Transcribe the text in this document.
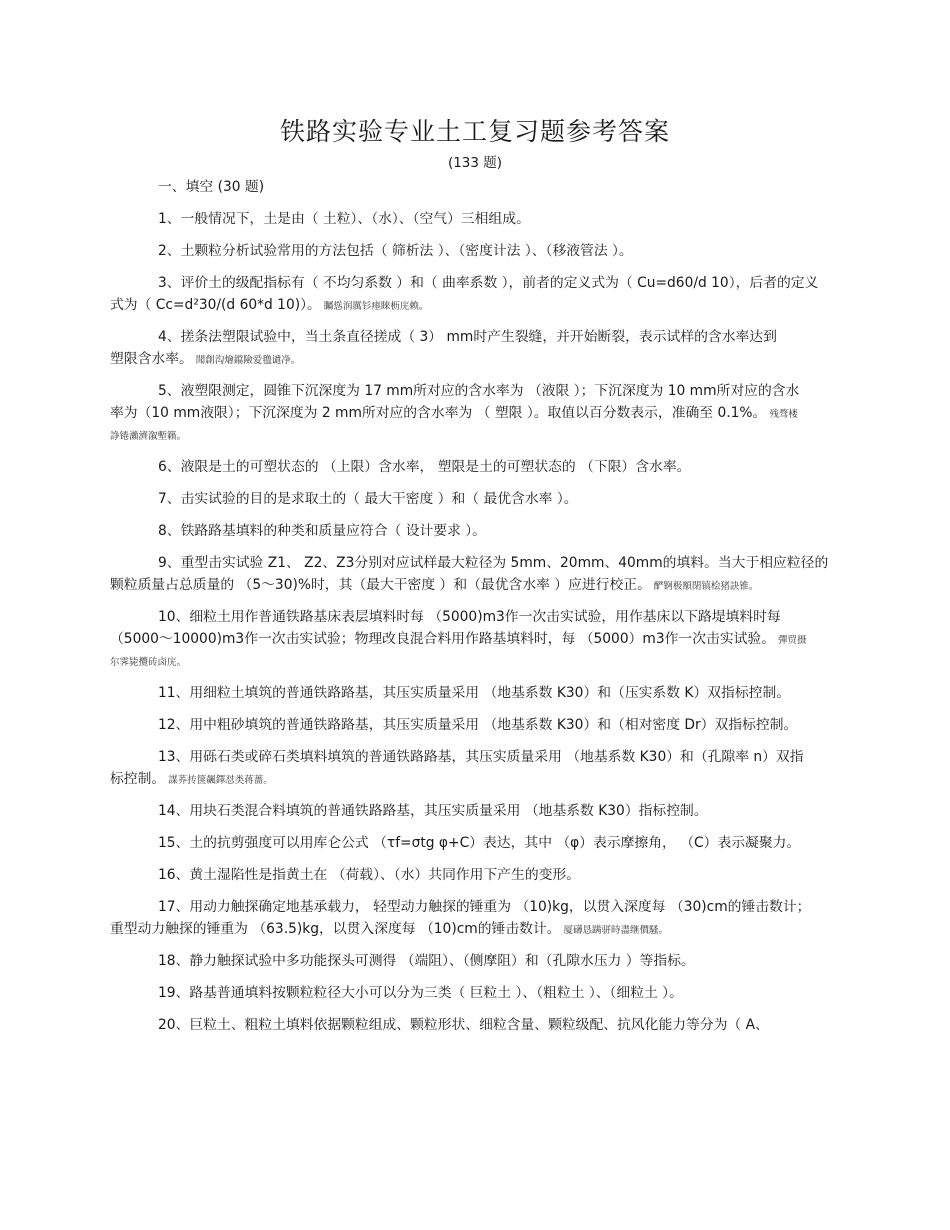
铁路实验专业土工复习题参考答案
(133 题)
一、填空 (30 题)
1、一般情况下，土是由（ 土粒）、（水）、（空气）三相组成。
2、土颗粒分析试验常用的方法包括（ 筛析法 ）、（密度计法 ）、（移液管法 ）。
3、评价土的级配指标有（ 不均匀系数 ）和（ 曲率系数 ），前者的定义式为（ Cu=d60/d 10），后者的定义
式为（ Cc=d²30/(d 60*d 10)）。 矚慫润厲钐瘗睞枥庑赖。
4、搓条法塑限试验中，当土条直径搓成（ 3） mm时产生裂缝，并开始断裂，表示试样的含水率达到
塑限含水率。 聞創沟燴鐺險爱氇谴净。
5、液塑限测定，圆锥下沉深度为 17 mm所对应的含水率为 （液限 ）；下沉深度为 10 mm所对应的含水
率为（10 mm液限）；下沉深度为 2 mm所对应的含水率为 （ 塑限 ）。取值以百分数表示，准确至 0.1%。 残骛楼
諍锩瀨濟溆塹籟。
6、液限是土的可塑状态的 （上限）含水率， 塑限是土的可塑状态的 （下限）含水率。
7、击实试验的目的是求取土的（ 最大干密度 ）和（ 最优含水率 ）。
8、铁路路基填料的种类和质量应符合（ 设计要求 ）。
9、重型击实试验 Z1、 Z2、Z3分别对应试样最大粒径为 5mm、20mm、40mm的填料。当大于相应粒径的
颗粒质量占总质量的 （5～30)%时，其（最大干密度 ）和（最优含水率 ）应进行校正。 酽锕极額閉镇桧猪訣锥。
10、细粒土用作普通铁路基床表层填料时每 （5000)m3作一次击实试验，用作基床以下路堤填料时每
（5000～10000)m3作一次击实试验；物理改良混合料用作路基填料时，每 （5000）m3作一次击实试验。 彈贸摄
尔霁毙攬砖卤庑。
11、用细粒土填筑的普通铁路路基，其压实质量采用 （地基系数 K30）和（压实系数 K）双指标控制。
12、用中粗砂填筑的普通铁路路基，其压实质量采用 （地基系数 K30）和（相对密度 Dr）双指标控制。
13、用砾石类或碎石类填料填筑的普通铁路路基，其压实质量采用 （地基系数 K30）和（孔隙率 n）双指
标控制。 謀荞抟箧飆鐸怼类蒋薔。
14、用块石类混合料填筑的普通铁路路基，其压实质量采用 （地基系数 K30）指标控制。
15、土的抗剪强度可以用库仑公式 （τf=σtg φ+C）表达，其中 （φ）表示摩擦角， （C）表示凝聚力。
16、黄土湿陷性是指黄土在 （荷载）、（水）共同作用下产生的变形。
17、用动力触探确定地基承载力， 轻型动力触探的锤重为 （10)kg，以贯入深度每 （30)cm的锤击数计；
重型动力触探的锤重为 （63.5)kg，以贯入深度每 （10)cm的锤击数计。 厦礴恳蹒骈時盡继價騷。
18、静力触探试验中多功能探头可测得 （端阻）、（侧摩阻）和（孔隙水压力 ）等指标。
19、路基普通填料按颗粒粒径大小可以分为三类（ 巨粒土 ）、（粗粒土 ）、（细粒土 ）。
20、巨粒土、粗粒土填料依据颗粒组成、颗粒形状、细粒含量、颗粒级配、抗风化能力等分为（ A、
